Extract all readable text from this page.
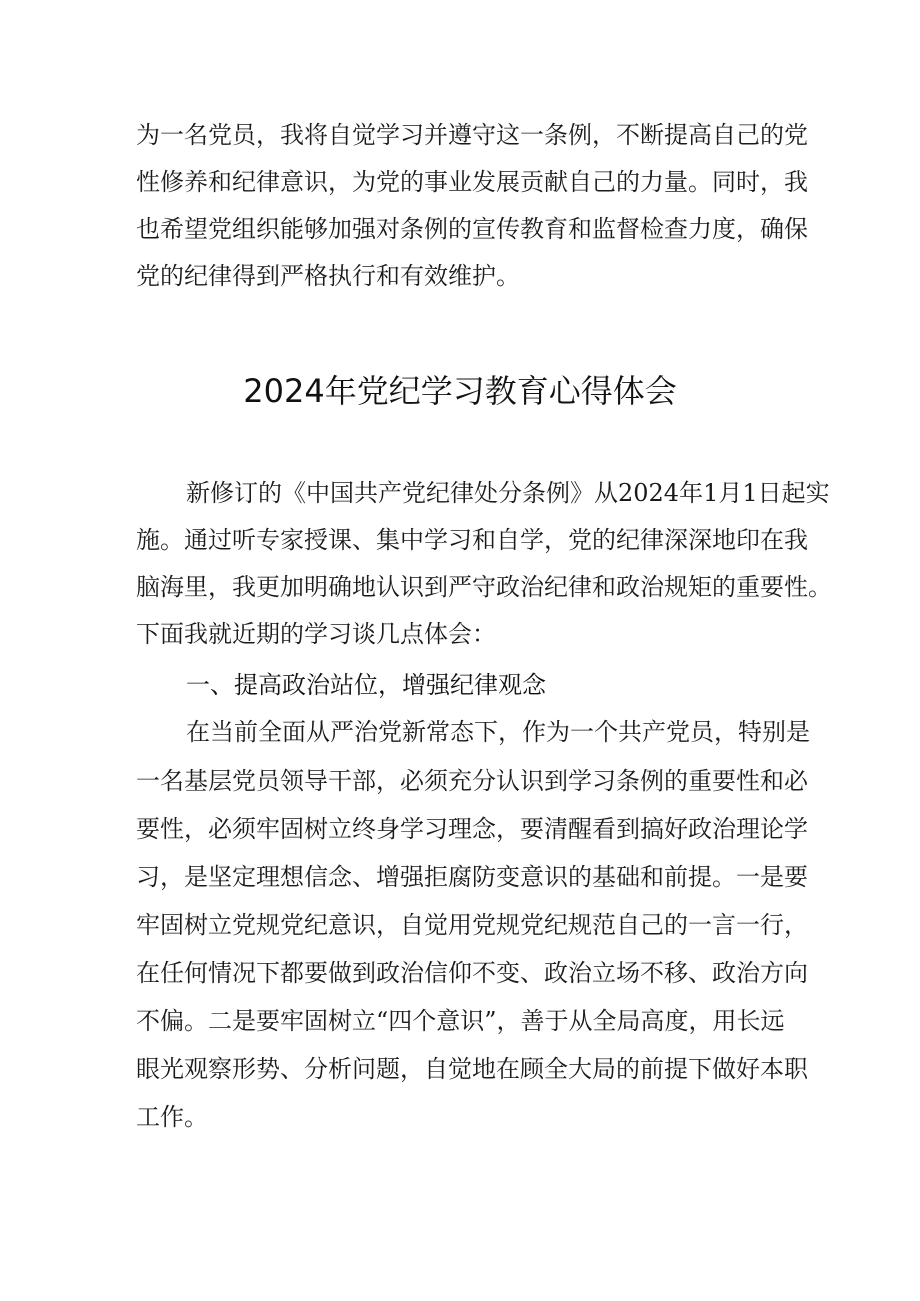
为一名党员，我将自觉学习并遵守这一条例，不断提高自己的党
性修养和纪律意识，为党的事业发展贡献自己的力量。同时，我
也希望党组织能够加强对条例的宣传教育和监督检查力度，确保
党的纪律得到严格执行和有效维护。
2024年党纪学习教育心得体会
新修订的《中国共产党纪律处分条例》从2024年1月1日起实
施。通过听专家授课、集中学习和自学，党的纪律深深地印在我
脑海里，我更加明确地认识到严守政治纪律和政治规矩的重要性。
下面我就近期的学习谈几点体会：
一、提高政治站位，增强纪律观念
在当前全面从严治党新常态下，作为一个共产党员，特别是
一名基层党员领导干部，必须充分认识到学习条例的重要性和必
要性，必须牢固树立终身学习理念，要清醒看到搞好政治理论学
习，是坚定理想信念、增强拒腐防变意识的基础和前提。一是要
牢固树立党规党纪意识，自觉用党规党纪规范自己的一言一行，
在任何情况下都要做到政治信仰不变、政治立场不移、政治方向
不偏。二是要牢固树立“四个意识”，善于从全局高度，用长远
眼光观察形势、分析问题，自觉地在顾全大局的前提下做好本职
工作。
